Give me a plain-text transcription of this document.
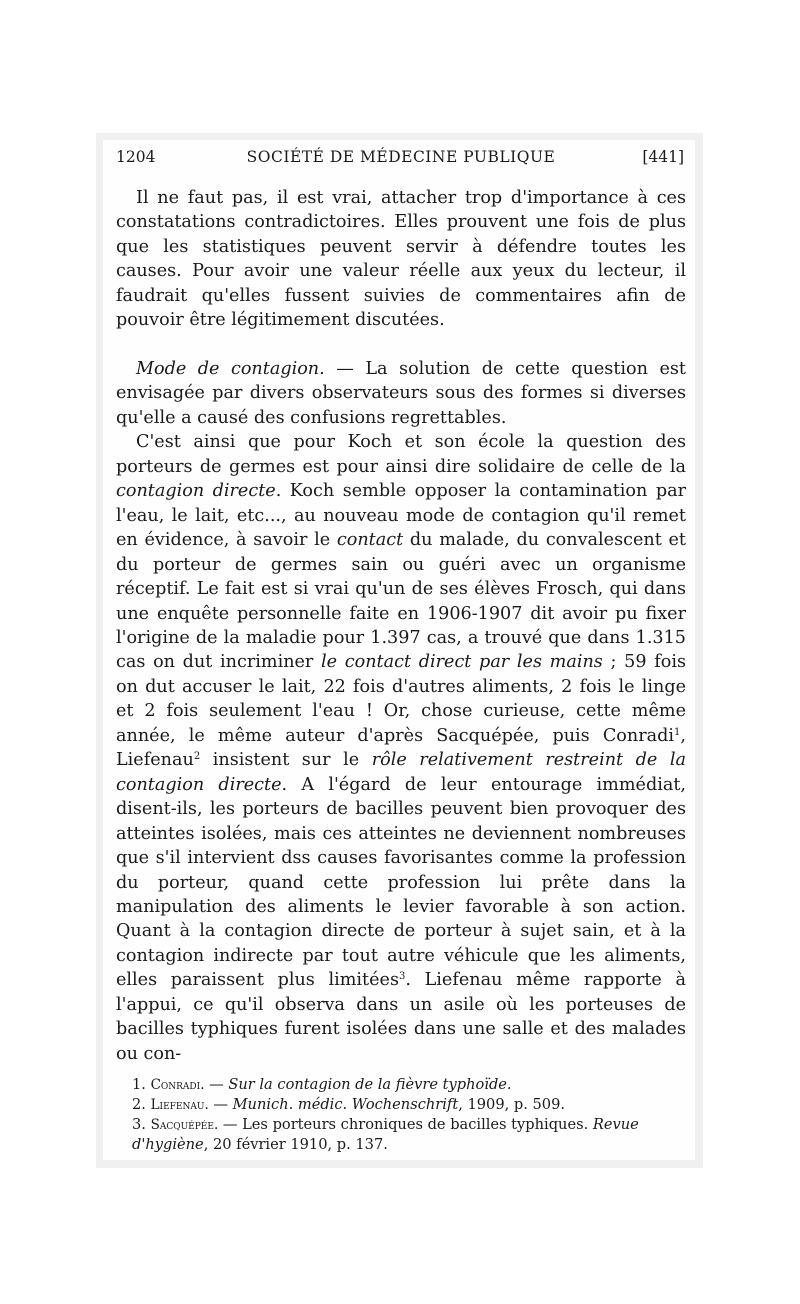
1204	SOCIÉTÉ DE MÉDECINE PUBLIQUE	[441]

Il ne faut pas, il est vrai, attacher trop d'importance à ces constatations contradictoires. Elles prouvent une fois de plus que les statistiques peuvent servir à défendre toutes les causes. Pour avoir une valeur réelle aux yeux du lecteur, il faudrait qu'elles fussent suivies de commentaires afin de pouvoir être légitimement discutées.

Mode de contagion. — La solution de cette question est envisagée par divers observateurs sous des formes si diverses qu'elle a causé des confusions regrettables.

C'est ainsi que pour Koch et son école la question des porteurs de germes est pour ainsi dire solidaire de celle de la contagion directe. Koch semble opposer la contamination par l'eau, le lait, etc..., au nouveau mode de contagion qu'il remet en évidence, à savoir le contact du malade, du convalescent et du porteur de germes sain ou guéri avec un organisme réceptif. Le fait est si vrai qu'un de ses élèves Frosch, qui dans une enquête personnelle faite en 1906-1907 dit avoir pu fixer l'origine de la maladie pour 1.397 cas, a trouvé que dans 1.315 cas on dut incriminer le contact direct par les mains ; 59 fois on dut accuser le lait, 22 fois d'autres aliments, 2 fois le linge et 2 fois seulement l'eau ! Or, chose curieuse, cette même année, le même auteur d'après Sacquépée, puis Conradi$^1$, Liefenau$^2$ insistent sur le rôle relativement restreint de la contagion directe. A l'égard de leur entourage immédiat, disent-ils, les porteurs de bacilles peuvent bien provoquer des atteintes isolées, mais ces atteintes ne deviennent nombreuses que s'il intervient dss causes favorisantes comme la profession du porteur, quand cette profession lui prête dans la manipulation des aliments le levier favorable à son action. Quant à la contagion directe de porteur à sujet sain, et à la contagion indirecte par tout autre véhicule que les aliments, elles paraissent plus limitées$^3$. Liefenau même rapporte à l'appui, ce qu'il observa dans un asile où les porteuses de bacilles typhiques furent isolées dans une salle et des malades ou con-

1. Conradi. — Sur la contagion de la fièvre typhoïde.

2. Liefenau. — Munich. médic. Wochenschrift, 1909, p. 509.

3. Sacquépée. — Les porteurs chroniques de bacilles typhiques. Revue d'hygiène, 20 février 1910, p. 137.
